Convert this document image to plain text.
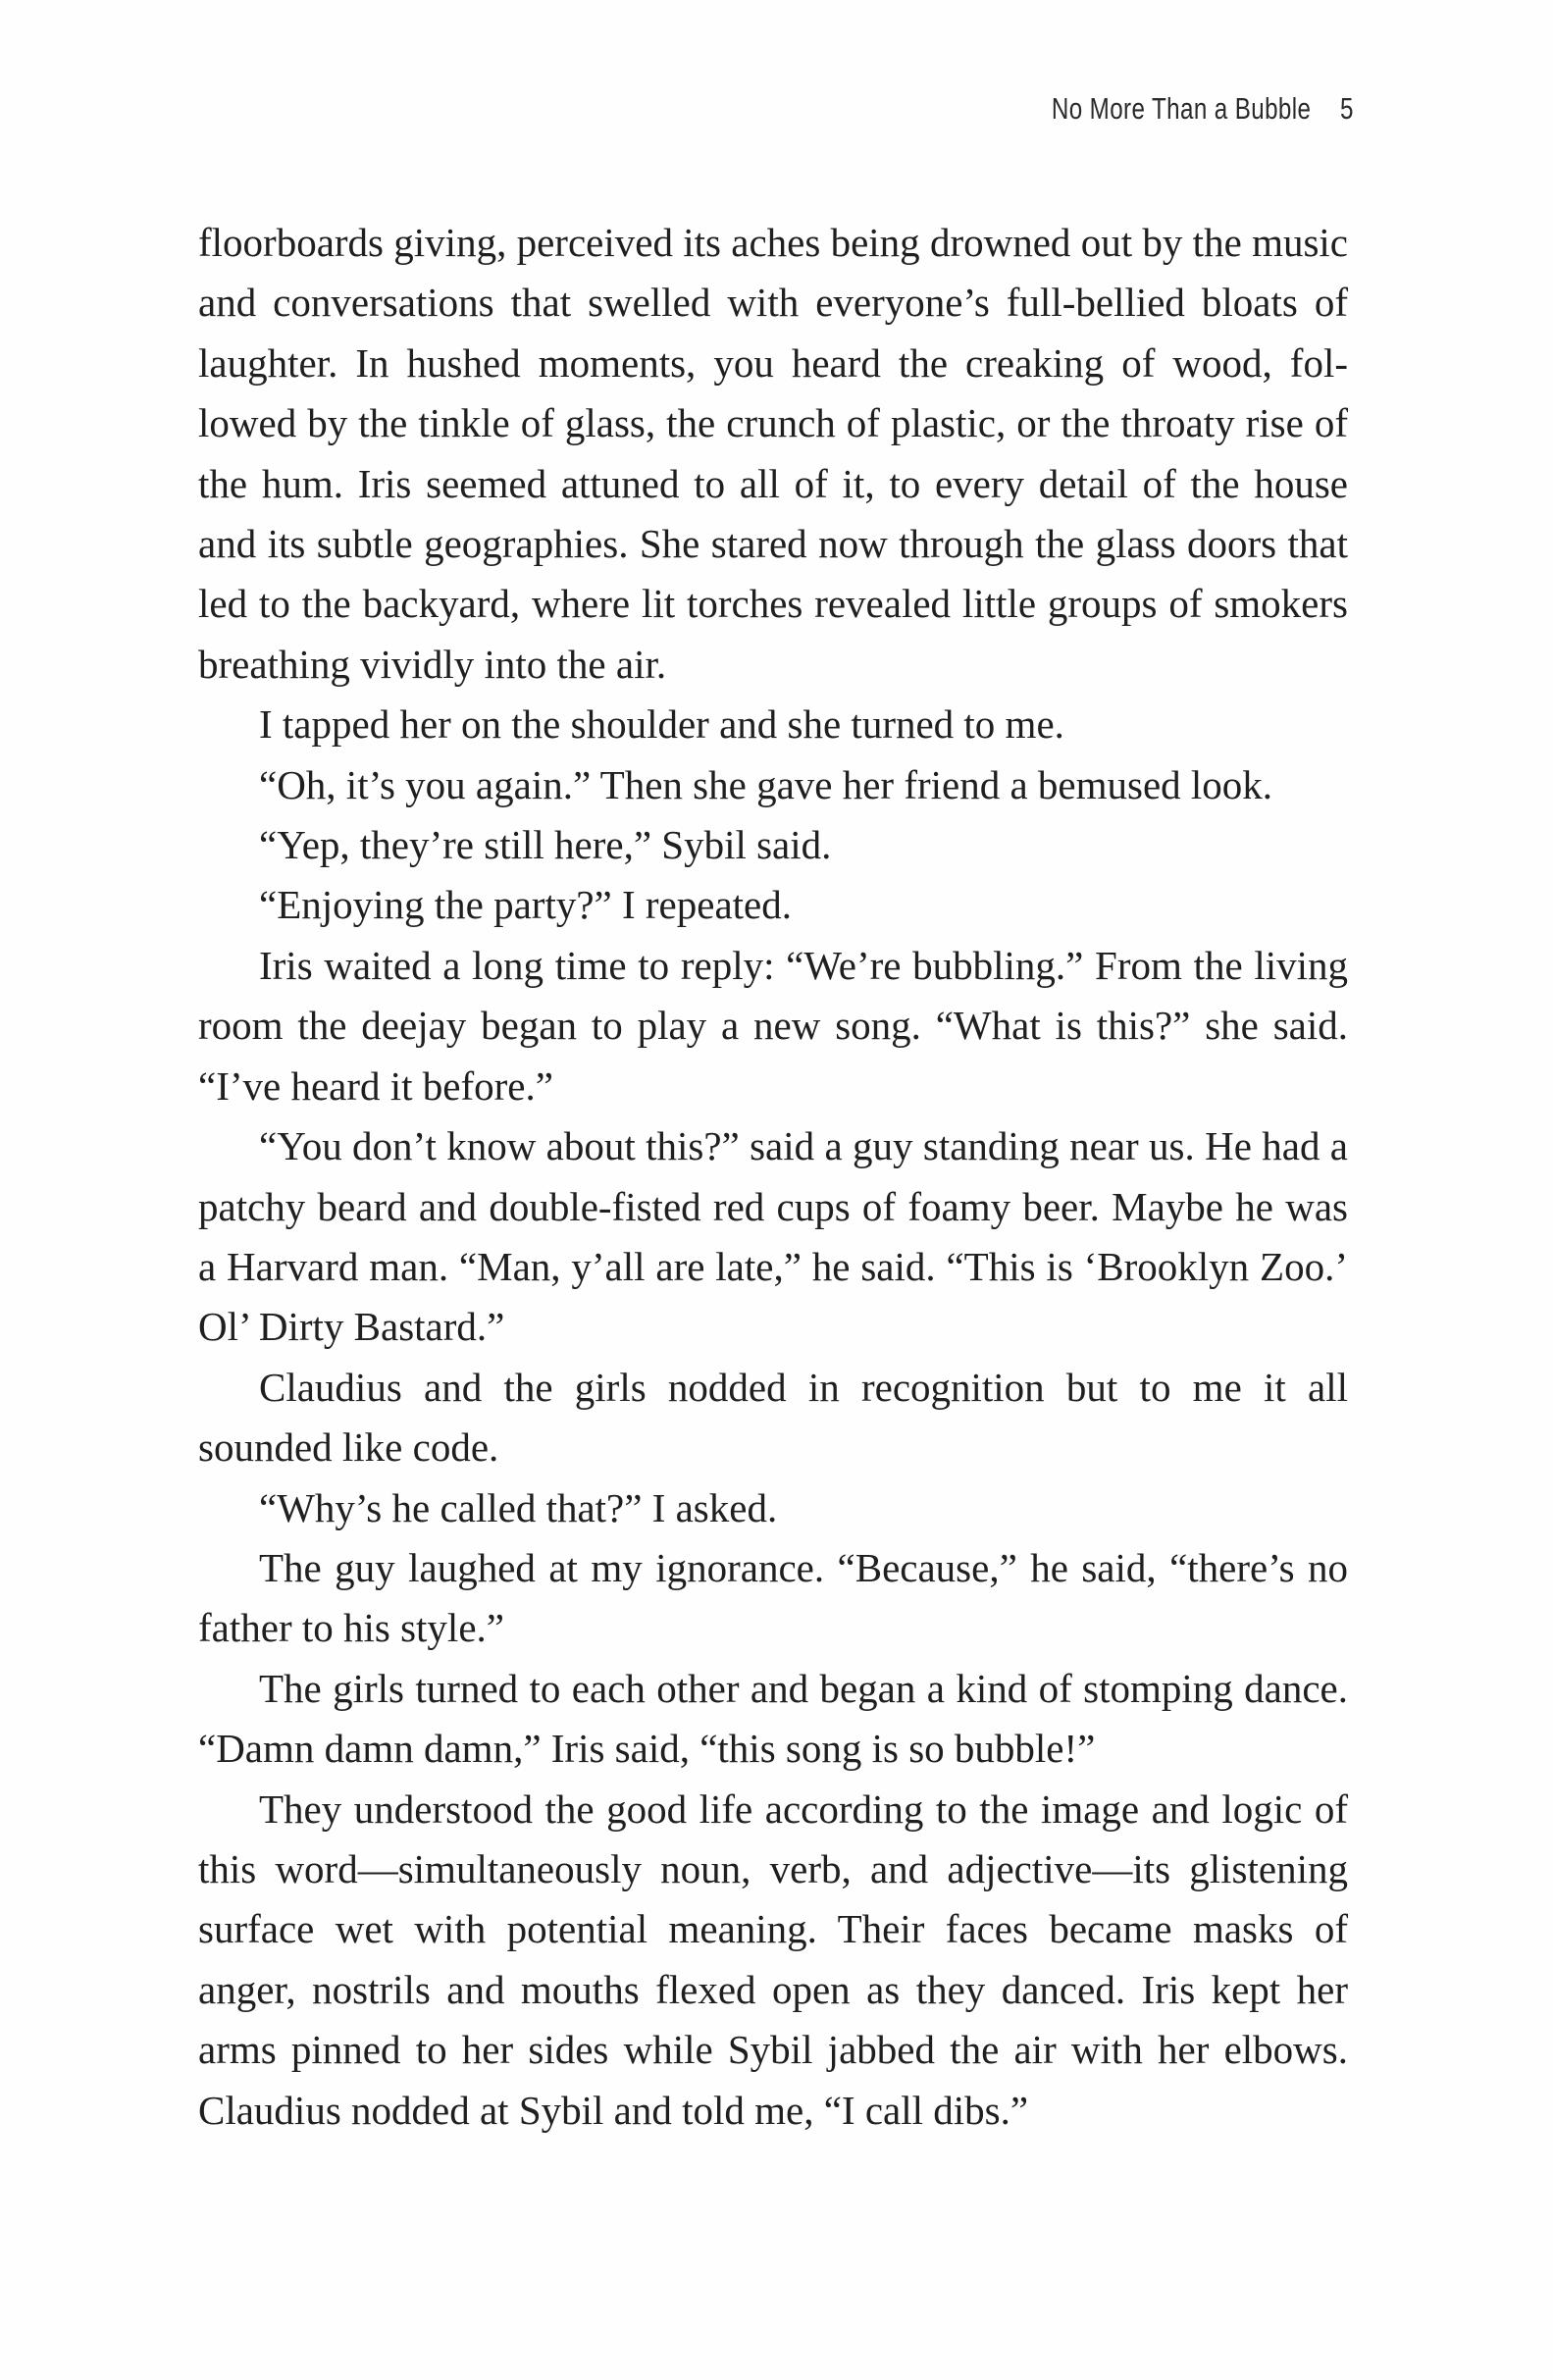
No More Than a Bubble 5

floorboards giving, perceived its aches being drowned out by the music and conversations that swelled with everyone’s full-bellied bloats of laughter. In hushed moments, you heard the creaking of wood, followed by the tinkle of glass, the crunch of plastic, or the throaty rise of the hum. Iris seemed attuned to all of it, to every detail of the house and its subtle geographies. She stared now through the glass doors that led to the backyard, where lit torches revealed little groups of smokers breathing vividly into the air.

I tapped her on the shoulder and she turned to me.

“Oh, it’s you again.” Then she gave her friend a bemused look.

“Yep, they’re still here,” Sybil said.

“Enjoying the party?” I repeated.

Iris waited a long time to reply: “We’re bubbling.” From the living room the deejay began to play a new song. “What is this?” she said. “I’ve heard it before.”

“You don’t know about this?” said a guy standing near us. He had a patchy beard and double-fisted red cups of foamy beer. Maybe he was a Harvard man. “Man, y’all are late,” he said. “This is ‘Brooklyn Zoo.’ Ol’ Dirty Bastard.”

Claudius and the girls nodded in recognition but to me it all sounded like code.

“Why’s he called that?” I asked.

The guy laughed at my ignorance. “Because,” he said, “there’s no father to his style.”

The girls turned to each other and began a kind of stomping dance. “Damn damn damn,” Iris said, “this song is so bubble!”

They understood the good life according to the image and logic of this word—simultaneously noun, verb, and adjective—its glistening surface wet with potential meaning. Their faces became masks of anger, nostrils and mouths flexed open as they danced. Iris kept her arms pinned to her sides while Sybil jabbed the air with her elbows. Claudius nodded at Sybil and told me, “I call dibs.”
